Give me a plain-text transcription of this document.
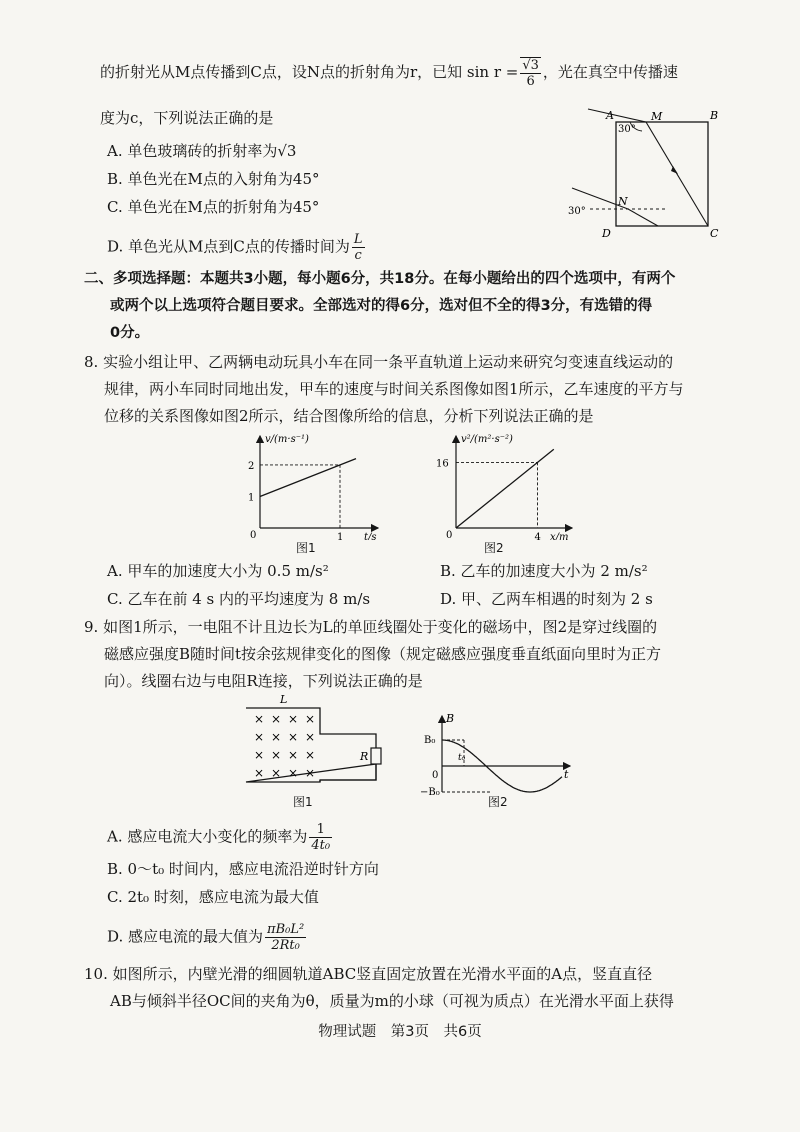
的折射光从M点传播到C点，设N点的折射角为r，已知 $\sin r = \frac{√3}{6}$ ，光在真空中传播速
度为c，下列说法正确的是
A. 单色玻璃砖的折射率为√3
B. 单色光在M点的入射角为45°
C. 单色光在M点的折射角为45°
D. 单色光从M点到C点的传播时间为 $\frac{L}{c}$
A	B
C
D
M
N
30°
30°
二、多项选择题：本题共3小题，每小题6分，共18分。在每小题给出的四个选项中，有两个
或两个以上选项符合题目要求。全部选对的得6分，选对但不全的得3分，有选错的得
0分。
8. 实验小组让甲、乙两辆电动玩具小车在同一条平直轨道上运动来研究匀变速直线运动的
规律，两小车同时同地出发，甲车的速度与时间关系图像如图1所示，乙车速度的平方与
位移的关系图像如图2所示，结合图像所给的信息，分析下列说法正确的是
v/(m·s⁻¹)
t/s
0
2
1
1
图1
v²/(m²·s⁻²)
x/m
0
16
4
图2
A. 甲车的加速度大小为 0.5 m/s²	B. 乙车的加速度大小为 2 m/s²
C. 乙车在前 4 s 内的平均速度为 8 m/s	D. 甲、乙两车相遇的时刻为 2 s
9. 如图1所示，一电阻不计且边长为L的单匝线圈处于变化的磁场中，图2是穿过线圈的
磁感应强度B随时间t按余弦规律变化的图像（规定磁感应强度垂直纸面向里时为正方
向）。线圈右边与电阻R连接，下列说法正确的是
× × × ×
× × × ×
× × × ×
× × × ×
L
R
图1
B
t
B₀
−B₀
t₀
0
图2
A. 感应电流大小变化的频率为 $\frac{1}{\text{4t₀}}$
B. 0～t₀ 时间内，感应电流沿逆时针方向
C. 2t₀ 时刻，感应电流为最大值
D. 感应电流的最大值为 $\frac{\text{πB₀L²}}{\text{2Rt₀}}$
10. 如图所示，内壁光滑的细圆轨道ABC竖直固定放置在光滑水平面的A点，竖直直径
AB与倾斜半径OC间的夹角为θ，质量为m的小球（可视为质点）在光滑水平面上获得
物理试题　第3页　共6页
